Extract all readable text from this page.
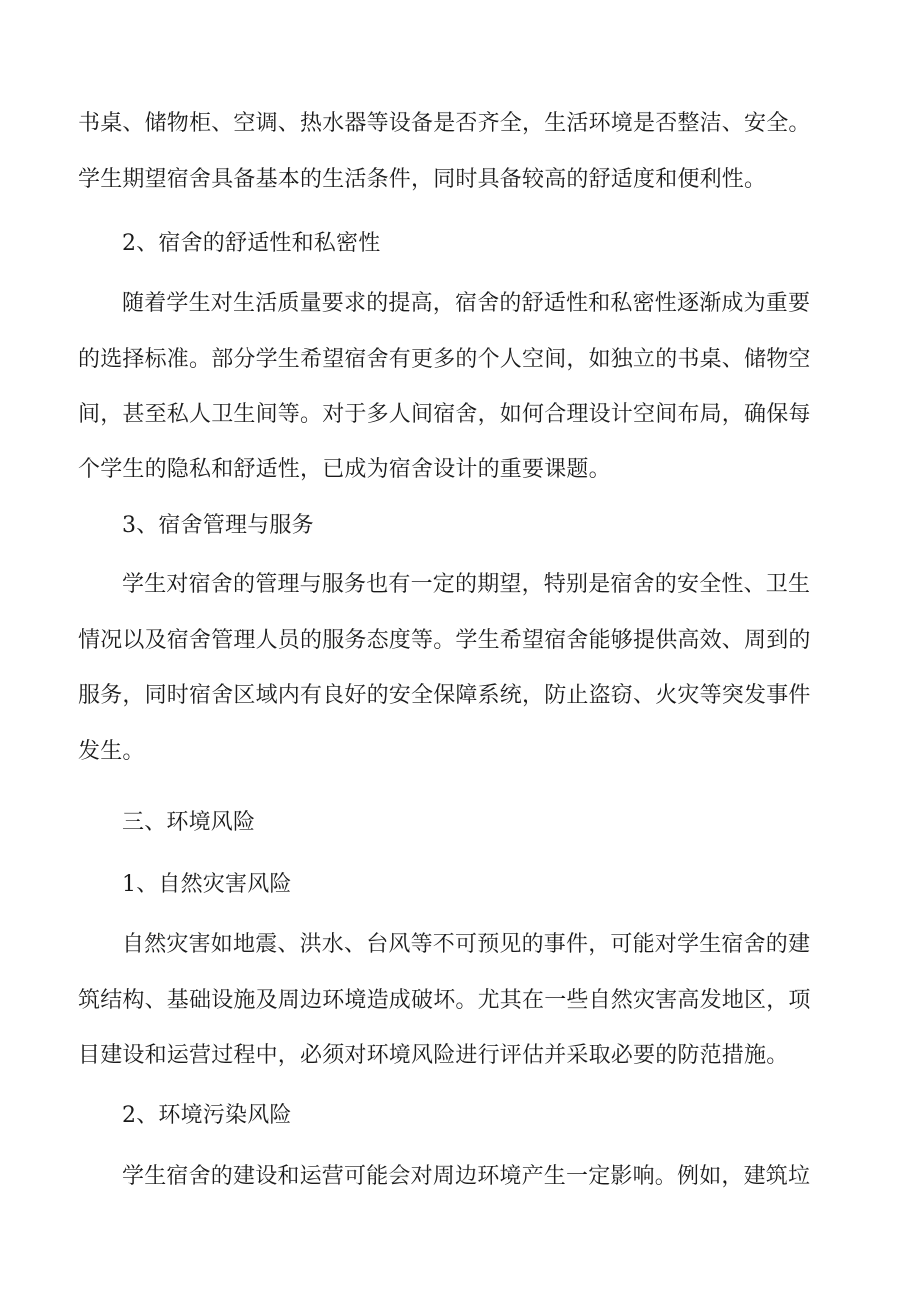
书桌、储物柜、空调、热水器等设备是否齐全，生活环境是否整洁、安全。
学生期望宿舍具备基本的生活条件，同时具备较高的舒适度和便利性。
2、宿舍的舒适性和私密性
随着学生对生活质量要求的提高，宿舍的舒适性和私密性逐渐成为重要
的选择标准。部分学生希望宿舍有更多的个人空间，如独立的书桌、储物空
间，甚至私人卫生间等。对于多人间宿舍，如何合理设计空间布局，确保每
个学生的隐私和舒适性，已成为宿舍设计的重要课题。
3、宿舍管理与服务
学生对宿舍的管理与服务也有一定的期望，特别是宿舍的安全性、卫生
情况以及宿舍管理人员的服务态度等。学生希望宿舍能够提供高效、周到的
服务，同时宿舍区域内有良好的安全保障系统，防止盗窃、火灾等突发事件
发生。
三、环境风险
1、自然灾害风险
自然灾害如地震、洪水、台风等不可预见的事件，可能对学生宿舍的建
筑结构、基础设施及周边环境造成破坏。尤其在一些自然灾害高发地区，项
目建设和运营过程中，必须对环境风险进行评估并采取必要的防范措施。
2、环境污染风险
学生宿舍的建设和运营可能会对周边环境产生一定影响。例如，建筑垃
